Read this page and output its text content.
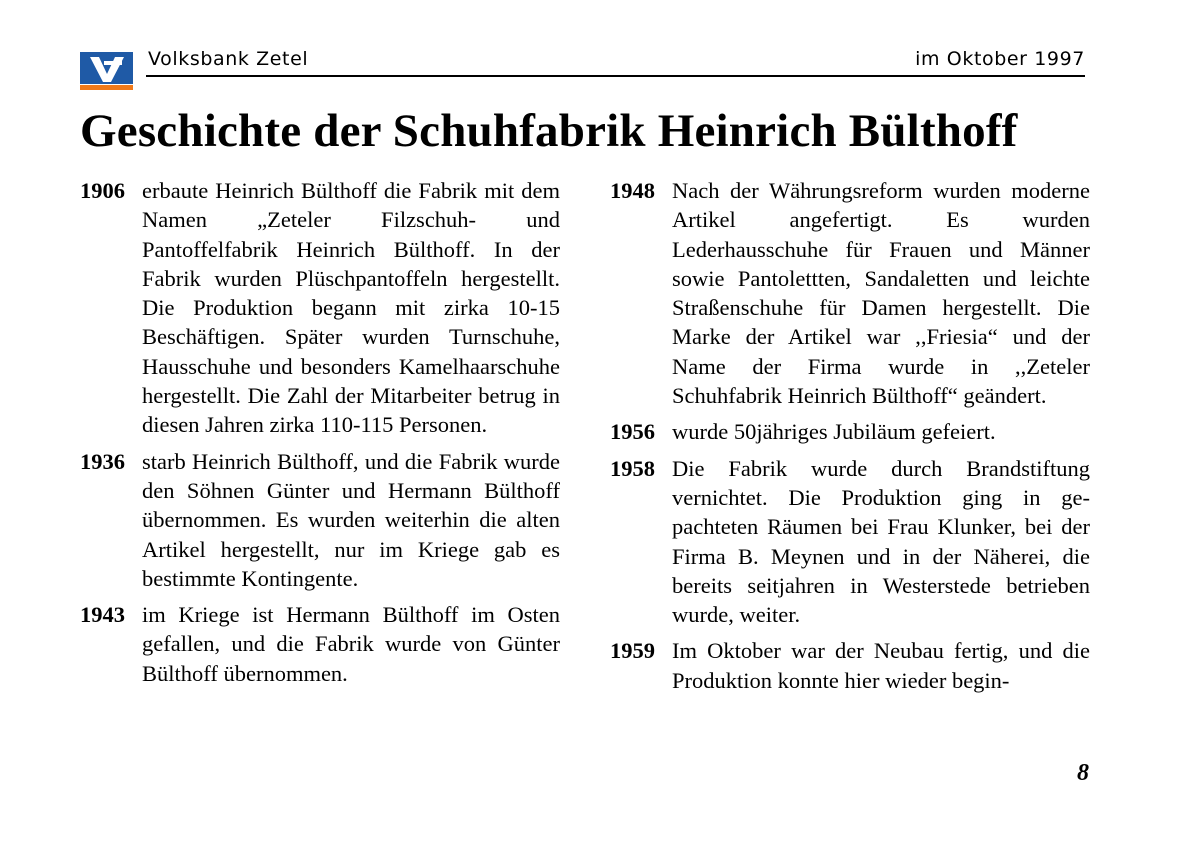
Volksbank Zetel	im Oktober 1997
Geschichte der Schuhfabrik Heinrich Bülthoff
1906 erbaute Heinrich Bülthoff die Fabrik mit dem Namen „Zeteler Filzschuh- und Pantoffelfabrik Heinrich Bülthoff. In der Fabrik wurden Plüschpantoffeln hergestellt. Die Produktion begann mit zirka 10-15 Beschäftigen. Später wurden Turnschuhe, Hausschuhe und besonders Kamelhaarschuhe hergestellt. Die Zahl der Mitarbeiter betrug in diesen Jahren zirka 110-115 Personen.
1936 starb Heinrich Bülthoff, und die Fabrik wurde den Söhnen Günter und Hermann Bülthoff übernommen. Es wurden weiterhin die alten Artikel hergestellt, nur im Kriege gab es bestimmte Kontingente.
1943 im Kriege ist Hermann Bülthoff im Osten gefallen, und die Fabrik wurde von Günter Bülthoff übernommen.
1948 Nach der Währungsreform wurden moderne Artikel angefertigt. Es wurden Lederhausschuhe für Frauen und Männer sowie Pantolettten, Sandaletten und leichte Straßenschuhe für Damen hergestellt. Die Marke der Artikel war ,,Friesia“ und der Name der Firma wurde in ,,Zeteler Schuhfabrik Heinrich Bülthoff“ geändert.
1956 wurde 50jähriges Jubiläum gefeiert.
1958 Die Fabrik wurde durch Brandstiftung vernichtet. Die Produktion ging in gepachteten Räumen bei Frau Klunker, bei der Firma B. Meynen und in der Näherei, die bereits seitjahren in Westerstede betrieben wurde, weiter.
1959 Im Oktober war der Neubau fertig, und die Produktion konnte hier wieder begin-
8
